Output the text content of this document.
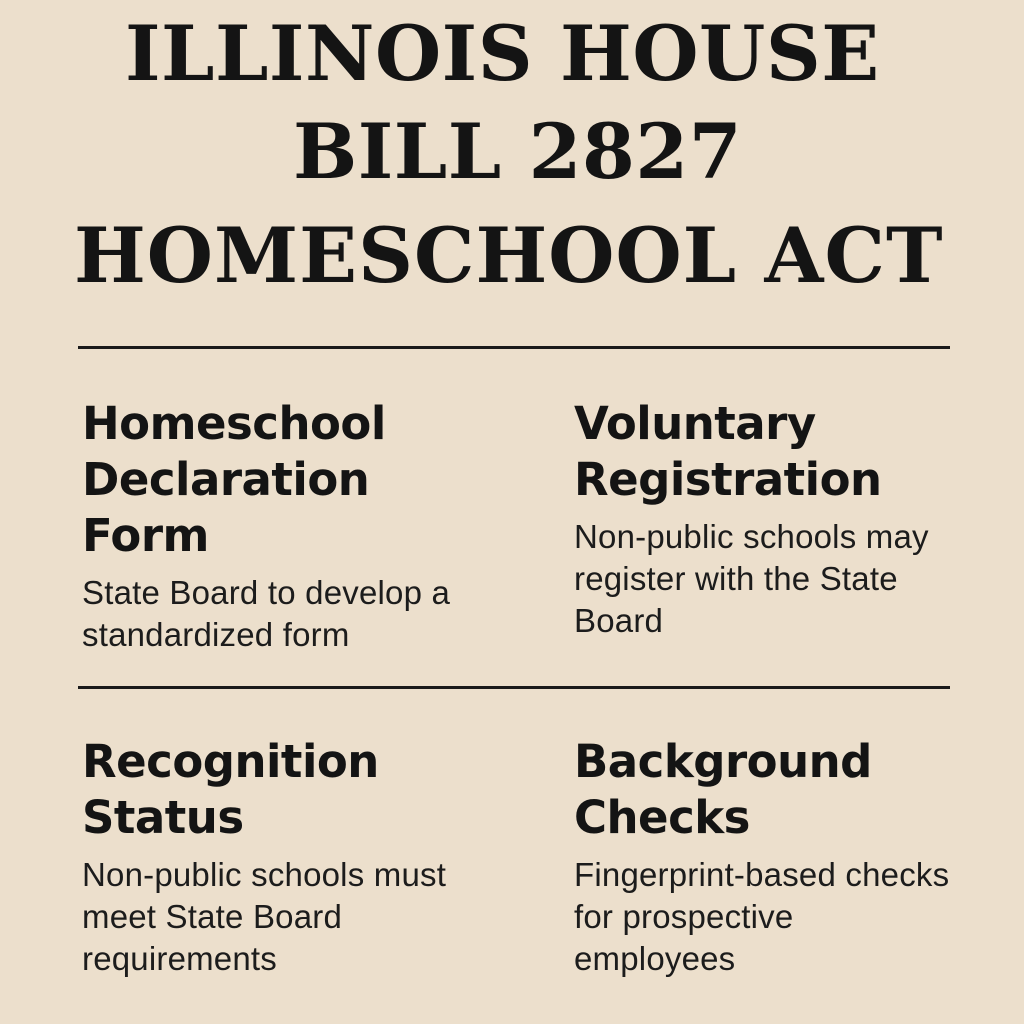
ILLINOIS HOUSE
BILL 2827
HOMESCHOOL ACT
Homeschool
Declaration Form

State Board to develop a
standardized form

Voluntary
Registration

Non-public schools may
register with the State
Board

Recognition
Status

Non-public schools must
meet State Board
requirements

Background
Checks

Fingerprint-based checks
for prospective
employees
